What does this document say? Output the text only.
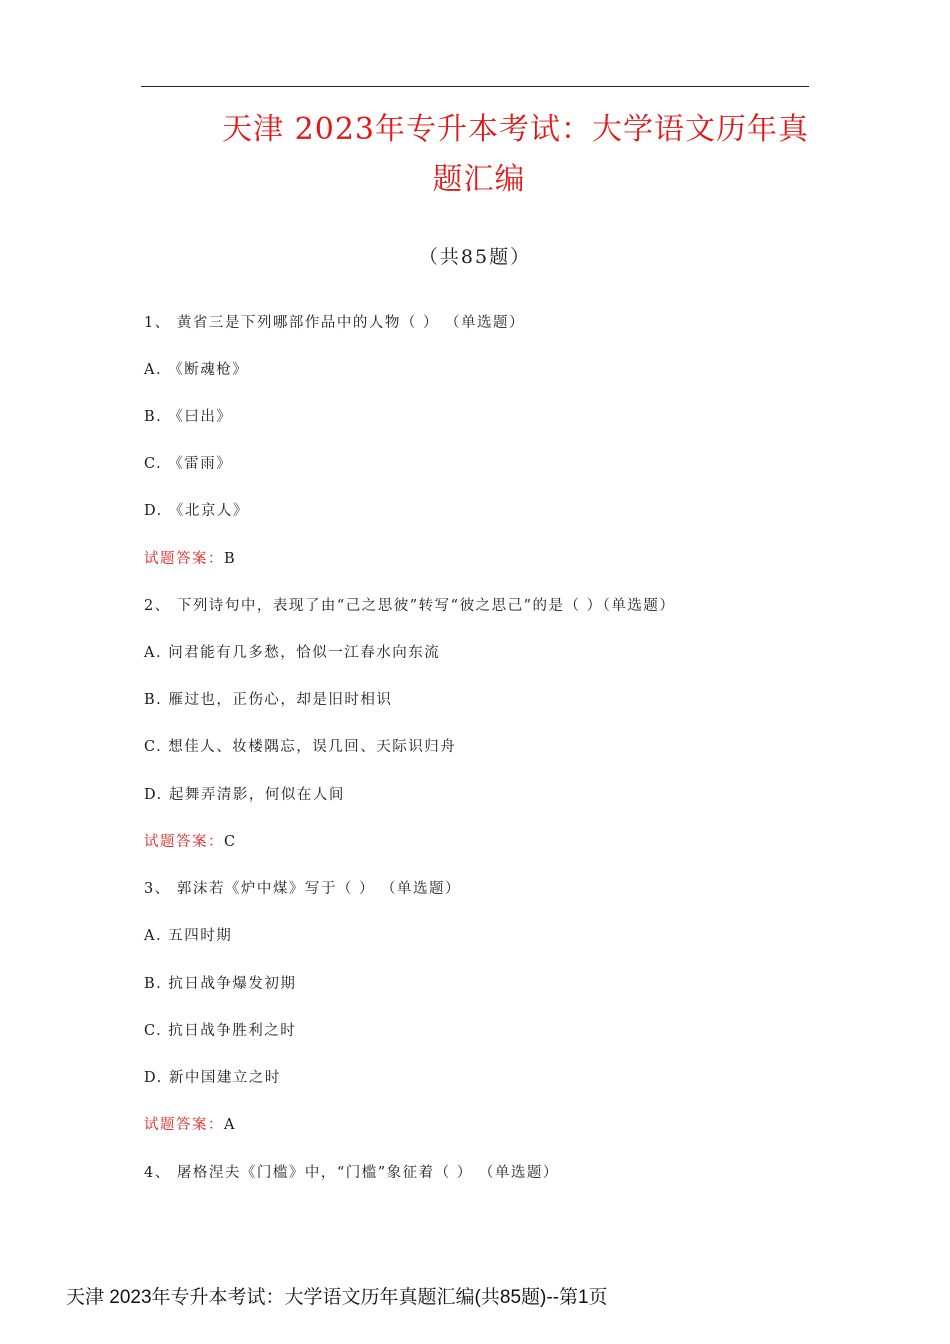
天津 2023年专升本考试：大学语文历年真
题汇编
（共85题）
1、 黄省三是下列哪部作品中的人物（ ） （单选题）
A. 《断魂枪》
B. 《曰出》
C. 《雷雨》
D. 《北京人》
试题答案：B
2、 下列诗句中，表现了由“己之思彼”转写“彼之思己”的是（ ）（单选题）
A. 问君能有几多愁，恰似一江春水向东流
B. 雁过也，正伤心，却是旧时相识
C. 想佳人、妆楼隅忘，误几回、天际识归舟
D. 起舞弄清影，何似在人间
试题答案：C
3、 郭沫若《炉中煤》写于（ ） （单选题）
A. 五四时期
B. 抗日战争爆发初期
C. 抗日战争胜利之时
D. 新中国建立之时
试题答案：A
4、 屠格涅夫《门槛》中，“门槛”象征着（ ） （单选题）
天津 2023年专升本考试：大学语文历年真题汇编(共85题)--第1页
